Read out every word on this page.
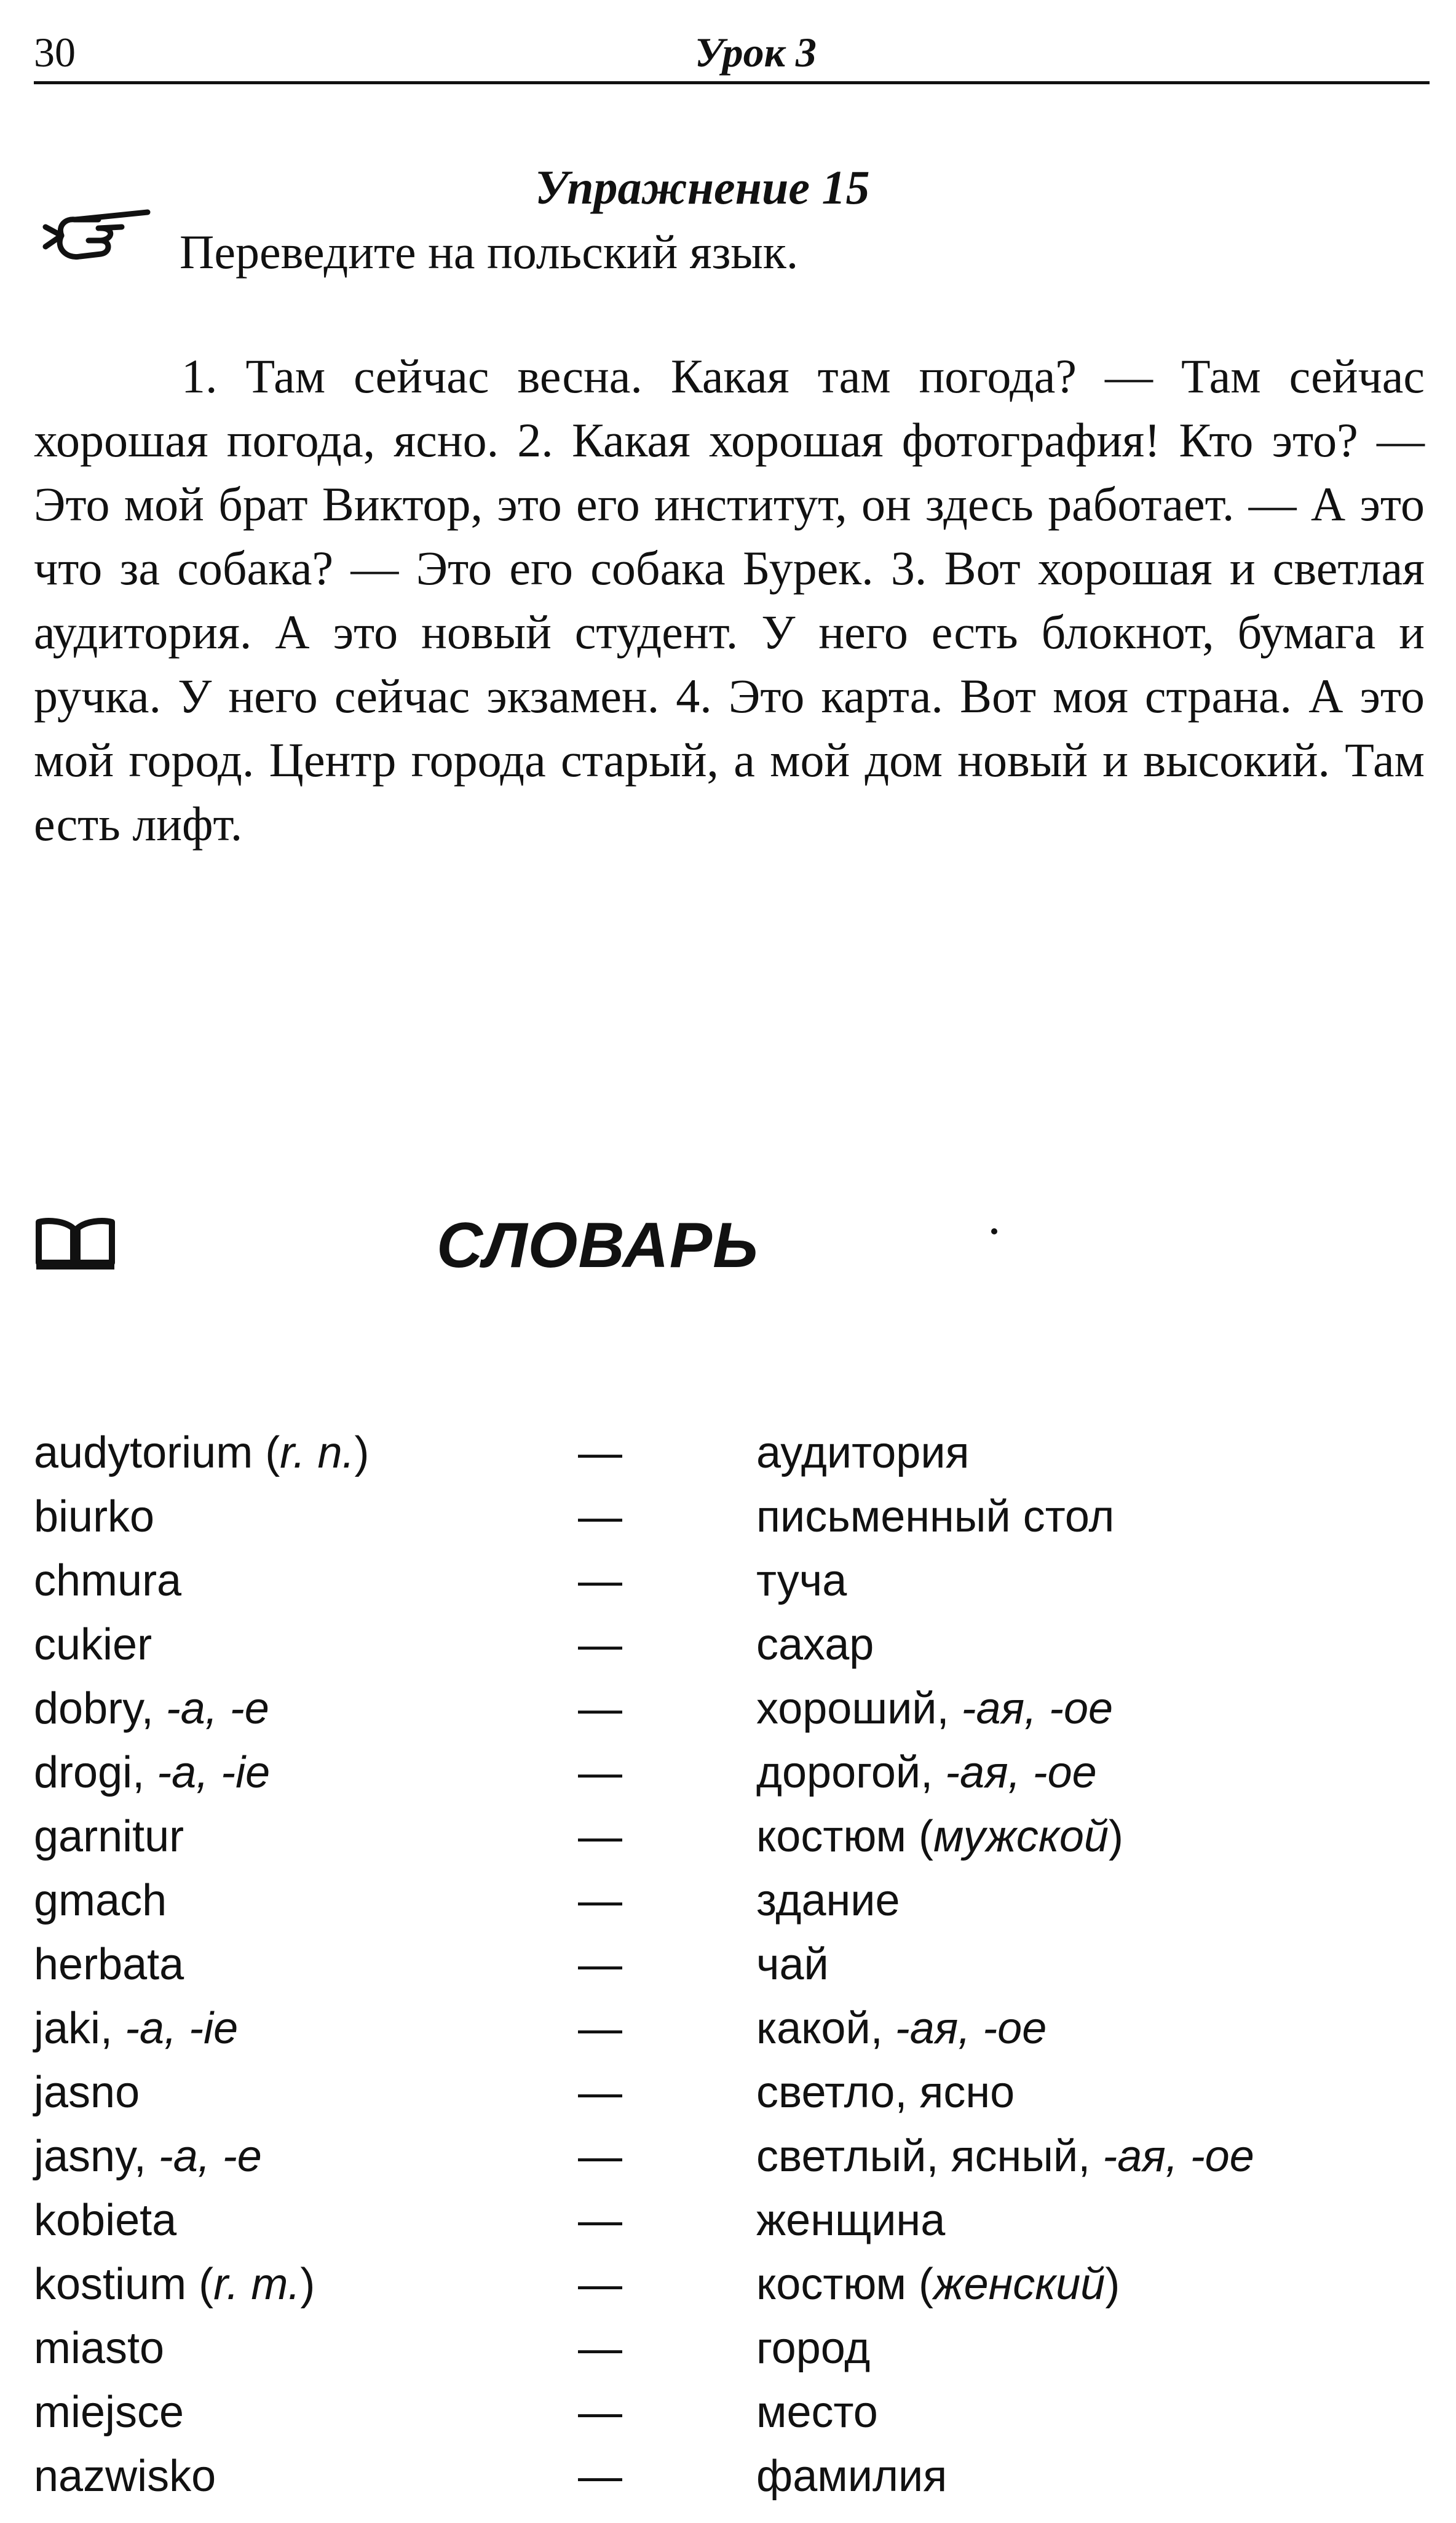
30	Урок 3
Упражнение 15
Переведите на польский язык.

1. Там сейчас весна. Какая там погода? — Там сейчас хорошая погода, ясно. 2. Какая хорошая фотография! Кто это? — Это мой брат Виктор, это его институт, он здесь работает. — А это что за собака? — Это его собака Бурек. 3. Вот хорошая и светлая аудитория. А это новый студент. У него есть блокнот, бумага и ручка. У него сейчас экзамен. 4. Это карта. Вот моя страна. А это мой город. Центр города старый, а мой дом новый и высокий. Там есть лифт.

СЛОВАРЬ
audytorium (r. n.)	—	аудитория
biurko	—	письменный стол
chmura	—	туча
cukier	—	сахар
dobry, -a, -e	—	хороший, -ая, -ое
drogi, -a, -ie	—	дорогой, -ая, -ое
garnitur	—	костюм (мужской)
gmach	—	здание
herbata	—	чай
jaki, -a, -ie	—	какой, -ая, -ое
jasno	—	светло, ясно
jasny, -a, -e	—	светлый, ясный, -ая, -ое
kobieta	—	женщина
kostium (r. m.)	—	костюм (женский)
miasto	—	город
miejsce	—	место
nazwisko	—	фамилия
